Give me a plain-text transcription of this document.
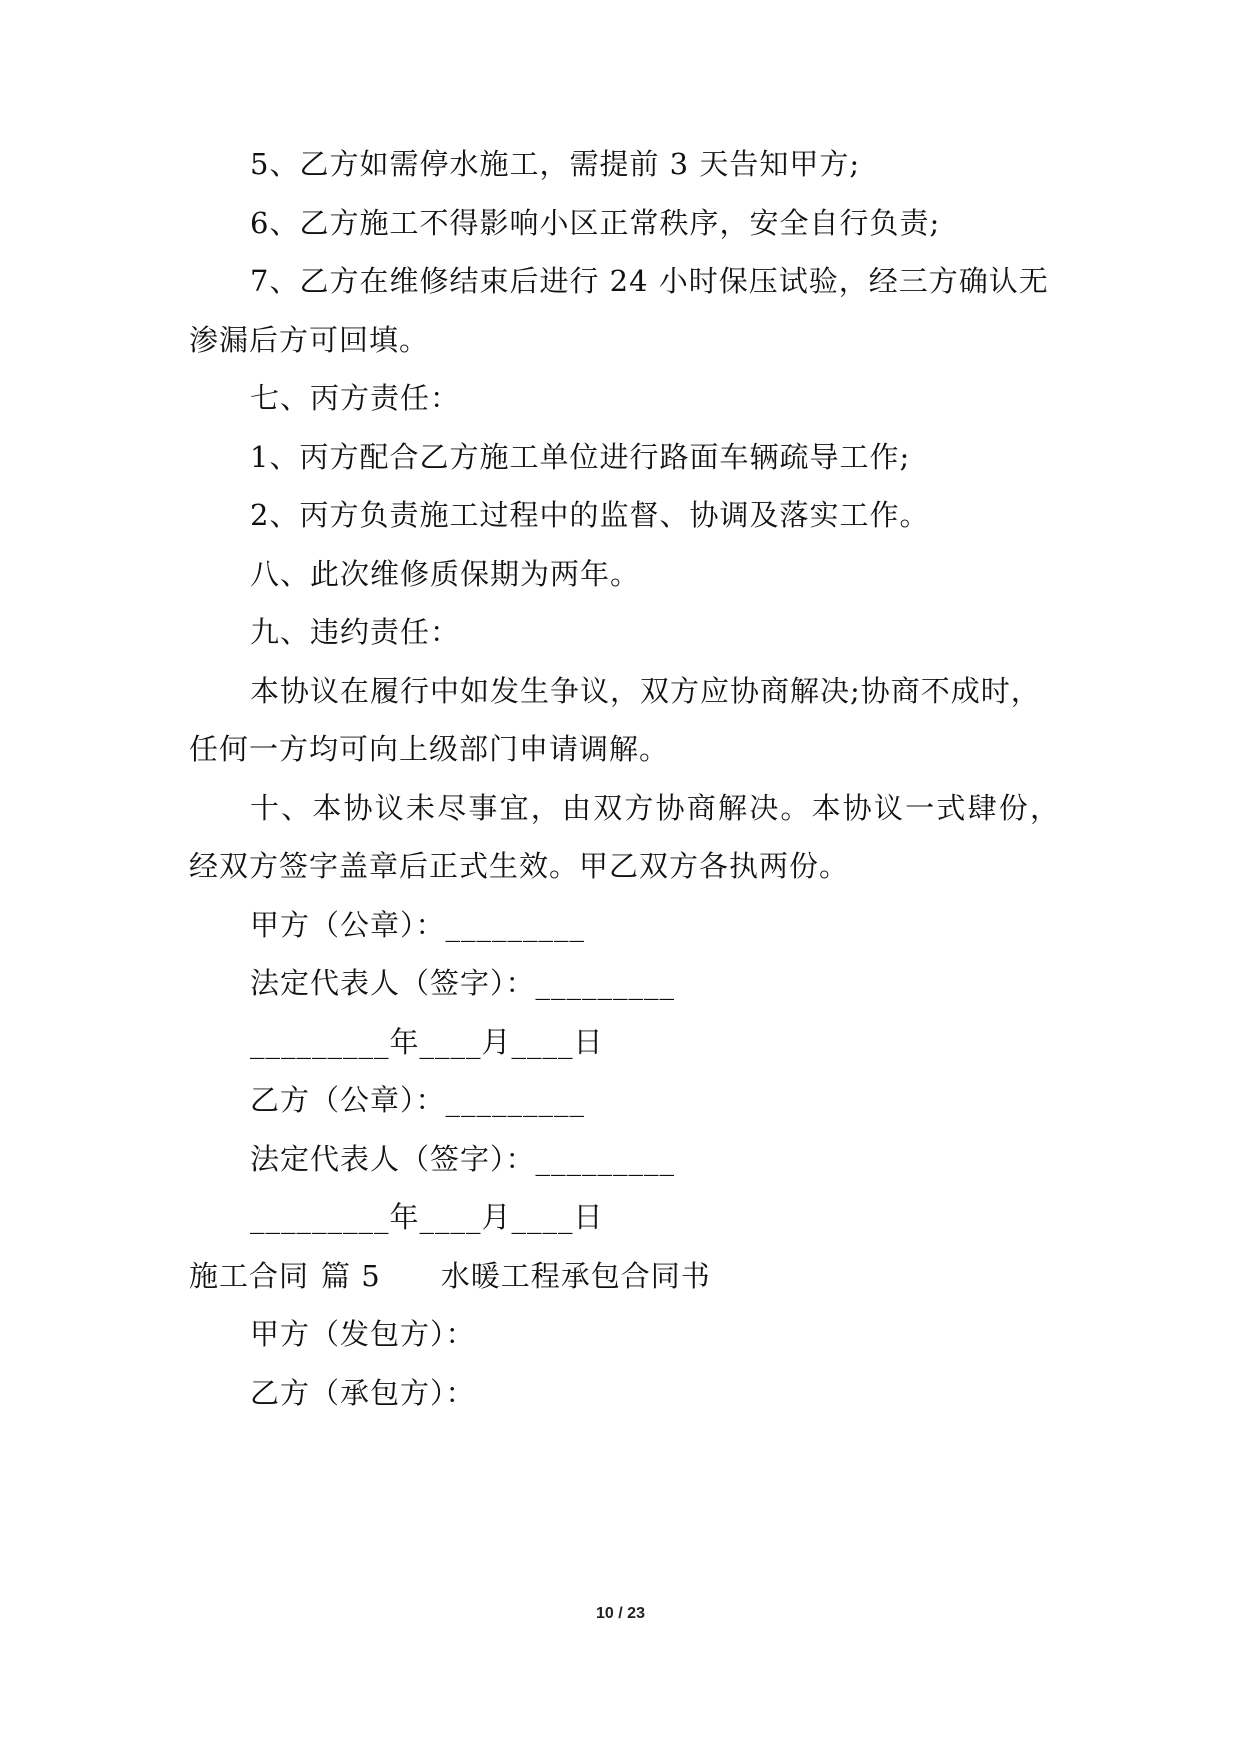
5、乙方如需停水施工，需提前 3 天告知甲方;
6、乙方施工不得影响小区正常秩序，安全自行负责;
7、乙方在维修结束后进行 24 小时保压试验，经三方确认无
渗漏后方可回填。
七、丙方责任：
1、丙方配合乙方施工单位进行路面车辆疏导工作;
2、丙方负责施工过程中的监督、协调及落实工作。
八、此次维修质保期为两年。
九、违约责任：
本协议在履行中如发生争议，双方应协商解决;协商不成时，
任何一方均可向上级部门申请调解。
十、本协议未尽事宜，由双方协商解决。本协议一式肆份，
经双方签字盖章后正式生效。甲乙双方各执两份。
甲方（公章）：_________
法定代表人（签字）：_________
_________年____月____日
乙方（公章）：_________
法定代表人（签字）：_________
_________年____月____日
施工合同 篇 5 水暖工程承包合同书
甲方（发包方）：
乙方（承包方）：
10 / 23
